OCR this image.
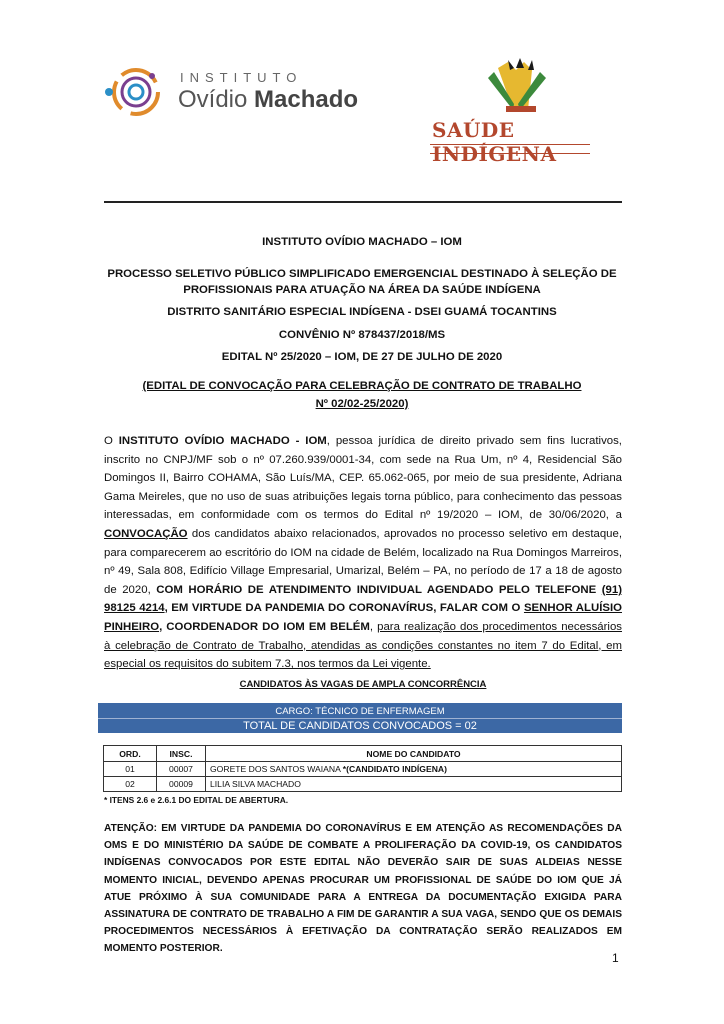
INSTITUTO
Ovídio Machado
SAÚDE INDÍGENA
INSTITUTO OVÍDIO MACHADO – IOM
PROCESSO SELETIVO PÚBLICO SIMPLIFICADO EMERGENCIAL DESTINADO À SELEÇÃO DE
PROFISSIONAIS PARA ATUAÇÃO NA ÁREA DA SAÚDE INDÍGENA
DISTRITO SANITÁRIO ESPECIAL INDÍGENA - DSEI GUAMÁ TOCANTINS
CONVÊNIO Nº 878437/2018/MS
EDITAL Nº 25/2020 – IOM, DE 27 DE JULHO DE 2020
(EDITAL DE CONVOCAÇÃO PARA CELEBRAÇÃO DE CONTRATO DE TRABALHO
Nº 02/02-25/2020)
O INSTITUTO OVÍDIO MACHADO - IOM, pessoa jurídica de direito privado sem fins lucrativos, inscrito no CNPJ/MF sob o nº 07.260.939/0001-34, com sede na Rua Um, nº 4, Residencial São Domingos II, Bairro COHAMA, São Luís/MA, CEP. 65.062-065, por meio de sua presidente, Adriana Gama Meireles, que no uso de suas atribuições legais torna público, para conhecimento das pessoas interessadas, em conformidade com os termos do Edital nº 19/2020 – IOM, de 30/06/2020, a CONVOCAÇÃO dos candidatos abaixo relacionados, aprovados no processo seletivo em destaque, para comparecerem ao escritório do IOM na cidade de Belém, localizado na Rua Domingos Marreiros, nº 49, Sala 808, Edifício Village Empresarial, Umarizal, Belém – PA, no período de 17 a 18 de agosto de 2020, COM HORÁRIO DE ATENDIMENTO INDIVIDUAL AGENDADO PELO TELEFONE (91) 98125 4214, EM VIRTUDE DA PANDEMIA DO CORONAVÍRUS, FALAR COM O SENHOR ALUÍSIO PINHEIRO, COORDENADOR DO IOM EM BELÉM, para realização dos procedimentos necessários à celebração de Contrato de Trabalho, atendidas as condições constantes no item 7 do Edital, em especial os requisitos do subitem 7.3, nos termos da Lei vigente.
CANDIDATOS ÀS VAGAS DE AMPLA CONCORRÊNCIA
CARGO: TÉCNICO DE ENFERMAGEM
TOTAL DE CANDIDATOS CONVOCADOS = 02
ORD.	INSC.	NOME DO CANDIDATO
01	00007	GORETE DOS SANTOS WAIANA *(CANDIDATO INDÍGENA)
02	00009	LILIA SILVA MACHADO
* ITENS 2.6 e 2.6.1 DO EDITAL DE ABERTURA.
ATENÇÃO: EM VIRTUDE DA PANDEMIA DO CORONAVÍRUS E EM ATENÇÃO AS RECOMENDAÇÕES DA OMS E DO MINISTÉRIO DA SAÚDE DE COMBATE A PROLIFERAÇÃO DA COVID-19, OS CANDIDATOS INDÍGENAS CONVOCADOS POR ESTE EDITAL NÃO DEVERÃO SAIR DE SUAS ALDEIAS NESSE MOMENTO INICIAL, DEVENDO APENAS PROCURAR UM PROFISSIONAL DE SAÚDE DO IOM QUE JÁ ATUE PRÓXIMO À SUA COMUNIDADE PARA A ENTREGA DA DOCUMENTAÇÃO EXIGIDA PARA ASSINATURA DE CONTRATO DE TRABALHO A FIM DE GARANTIR A SUA VAGA, SENDO QUE OS DEMAIS PROCEDIMENTOS NECESSÁRIOS À EFETIVAÇÃO DA CONTRATAÇÃO SERÃO REALIZADOS EM MOMENTO POSTERIOR.
1
